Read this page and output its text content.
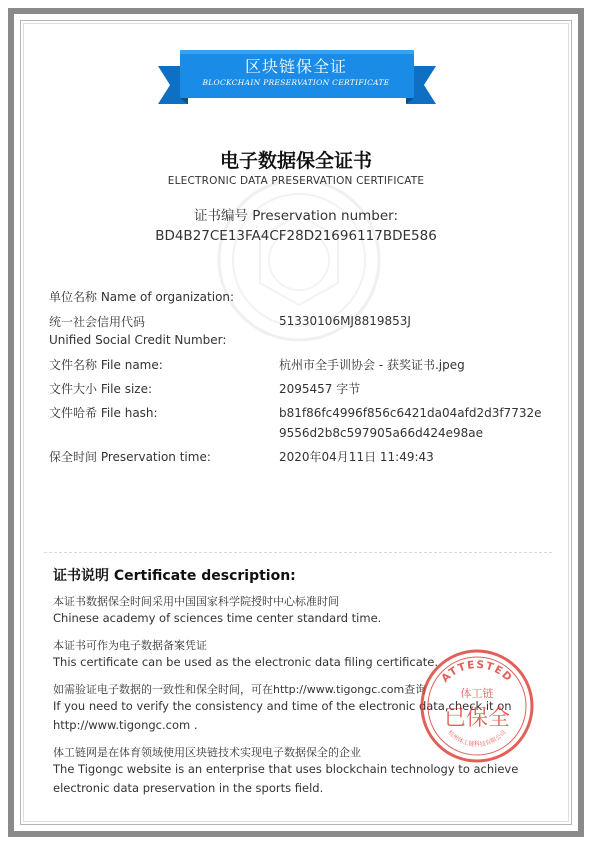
区块链保全证
BLOCKCHAIN PRESERVATION CERTIFICATE
电子数据保全证书
ELECTRONIC DATA PRESERVATION CERTIFICATE
证书编号 Preservation number:
BD4B27CE13FA4CF28D21696117BDE586
单位名称 Name of organization:
统一社会信用代码
Unified Social Credit Number:
51330106MJ8819853J
文件名称 File name:	杭州市全手训协会 - 获奖证书.jpeg
文件大小 File size:	2095457 字节
文件哈希 File hash:	b81f86fc4996f856c6421da04afd2d3f7732e
9556d2b8c597905a66d424e98ae
保全时间 Preservation time:	2020年04月11日 11:49:43
证书说明 Certificate description:
本证书数据保全时间采用中国国家科学院授时中心标准时间
Chinese academy of sciences time center standard time.
本证书可作为电子数据备案凭证
This certificate can be used as the electronic data filing certificate.
如需验证电子数据的一致性和保全时间，可在http://www.tigongc.com查询
If you need to verify the consistency and time of the electronic data,check it on http://www.tigongc.com .
体工链网是在体育领域使用区块链技术实现电子数据保全的企业
The Tigongc website is an enterprise that uses blockchain technology to achieve electronic data preservation in the sports field.
ATTESTED
体工链
已保全
杭州体工链科技有限公司
